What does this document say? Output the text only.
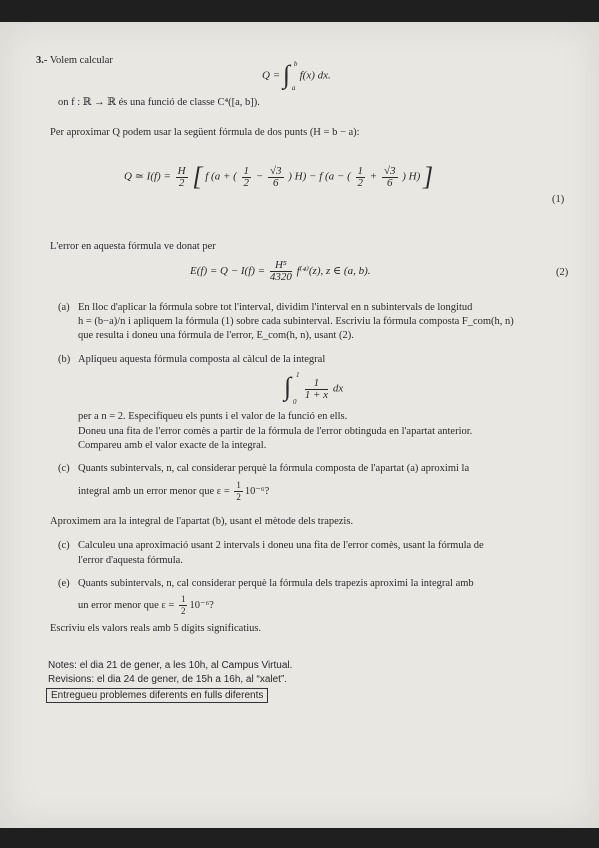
3.- Volem calcular
Q = ∫ b
a
f(x) dx.
on f : ℝ → ℝ és una funció de classe C⁴([a, b]).
Per aproximar Q podem usar la següent fórmula de dos punts (H = b − a):
Q ≃ $I(f) = \frac{H}{2}$ [ f (a + ( $\frac{1}{2} - \frac{√3}{6}$ ) H) − f (a − ( $\frac{1}{2} + \frac{√3}{6}$ ) H) ]
(1)
L'error en aquesta fórmula ve donat per
$E(f) = Q - I(f) = \frac{\text{H⁵}}{4320} f^{(4)}(z)$, z ∈ (a, b).	(2)
(a) En lloc d'aplicar la fórmula sobre tot l'interval, dividim l'interval en n subintervals de longitud
h = (b−a)/n i apliquem la fórmula (1) sobre cada subinterval. Escriviu la fórmula composta F_com(h, n)
que resulta i doneu una fórmula de l'error, E_com(h, n), usant (2).
(b) Apliqueu aquesta fórmula composta al càlcul de la integral
∫ 1
0

$\frac{1}{1 + x}$ dx
per a n = 2. Especifiqueu els punts i el valor de la funció en ells.
Doneu una fita de l'error comès a partir de la fórmula de l'error obtinguda en l'apartat anterior.
Compareu amb el valor exacte de la integral.
(c) Quants subintervals, n, cal considerar perquè la fórmula composta de l'apartat (a) aproximi la
integral amb un error menor que $\varepsilon = \frac{1}{2} 10^{-6}$?
Aproximem ara la integral de l'apartat (b), usant el mètode dels trapezis.
(c) Calculeu una aproximació usant 2 intervals i doneu una fita de l'error comès, usant la fórmula de
l'error d'aquesta fórmula.
(e) Quants subintervals, n, cal considerar perquè la fórmula dels trapezis aproximi la integral amb
un error menor que $\varepsilon = \frac{1}{2} 10^{-6}$?
Escriviu els valors reals amb 5 dígits significatius.
Notes: el dia 21 de gener, a les 10h, al Campus Virtual.
Revisions: el dia 24 de gener, de 15h a 16h, al “xalet”.
Entregueu problemes diferents en fulls diferents
